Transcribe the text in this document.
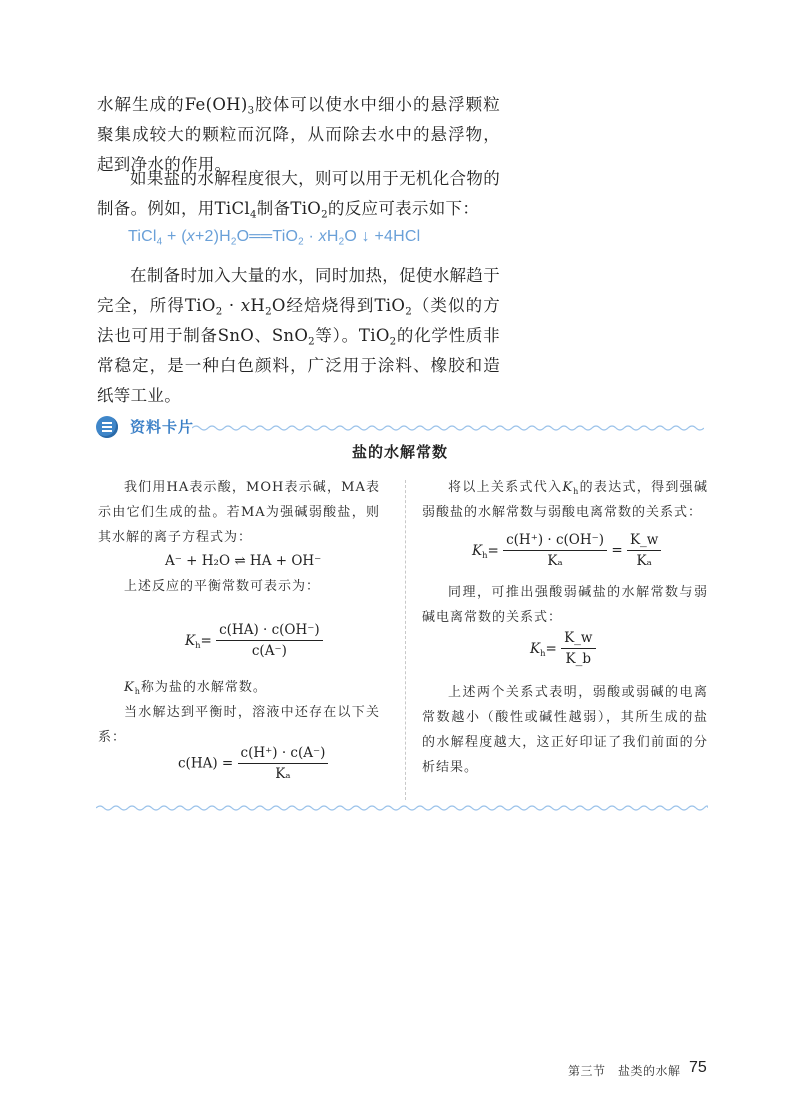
水解生成的$Fe(OH)_3$胶体可以使水中细小的悬浮颗粒聚集成较大的颗粒而沉降，从而除去水中的悬浮物，起到净水的作用。

如果盐的水解程度很大，则可以用于无机化合物的制备。例如，用TiCl$_4$制备TiO$_2$的反应可表示如下：

TiCl$_4$ + $(x+2)H_2O══TiO_2 \cdot xH_2O$ ↓ +4HCl

在制备时加入大量的水，同时加热，促使水解趋于完全，所得$TiO_2 \cdot xH_2O$经焙烧得到TiO$_2$（类似的方法也可用于制备SnO、SnO$_2$等）。TiO$_2$的化学性质非常稳定，是一种白色颜料，广泛用于涂料、橡胶和造纸等工业。

资料卡片
盐的水解常数

我们用HA表示酸，MOH表示碱，MA表示由它们生成的盐。若MA为强碱弱酸盐，则其水解的离子方程式为：

A⁻ + H₂O ⇌ HA + OH⁻

上述反应的平衡常数可表示为：

$K_h= \frac{c(HA) \cdot c(OH^-)}{c(A^-)}$

$K_h$称为盐的水解常数。

当水解达到平衡时，溶液中还存在以下关系：

$c(HA) = \frac{c(H^+) \cdot c(A^-)}{\text{Kₐ}}$

将以上关系式代入$K_h$的表达式，得到强碱弱酸盐的水解常数与弱酸电离常数的关系式：

$K_h= \frac{c(H^+) \cdot c(OH^-)}{\text{Kₐ}} = \frac{K\_w}{\text{Kₐ}}$

同理，可推出强酸弱碱盐的水解常数与弱碱电离常数的关系式：

$K_h= \frac{K\_w}{K\_b}$

上述两个关系式表明，弱酸或弱碱的电离常数越小（酸性或碱性越弱），其所生成的盐的水解程度越大，这正好印证了我们前面的分析结果。

第三节　盐类的水解 75
